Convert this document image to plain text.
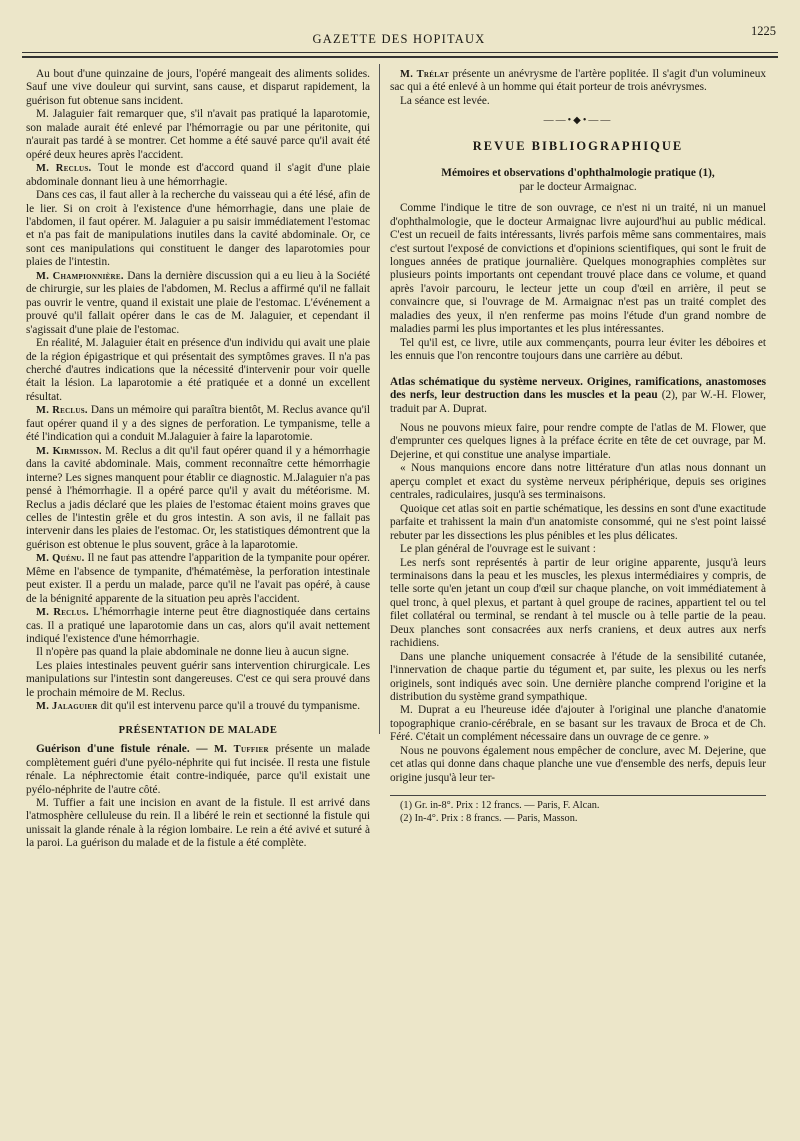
GAZETTE DES HOPITAUX
1225

Au bout d'une quinzaine de jours, l'opéré mangeait des aliments solides. Sauf une vive douleur qui survint, sans cause, et disparut rapidement, la guérison fut obtenue sans incident.

M. Jalaguier fait remarquer que, s'il n'avait pas pratiqué la laparotomie, son malade aurait été enlevé par l'hémorragie ou par une péritonite, qui n'aurait pas tardé à se montrer. Cet homme a été sauvé parce qu'il avait été opéré deux heures après l'accident.

M. Reclus. Tout le monde est d'accord quand il s'agit d'une plaie abdominale donnant lieu à une hémorrhagie.

Dans ces cas, il faut aller à la recherche du vaisseau qui a été lésé, afin de le lier. Si on croit à l'existence d'une hémorrhagie, dans une plaie de l'abdomen, il faut opérer. M. Jalaguier a pu saisir immédiatement l'estomac et n'a pas fait de manipulations inutiles dans la cavité abdominale. Or, ce sont ces manipulations qui constituent le danger des laparotomies pour plaies de l'intestin.

M. Championnière. Dans la dernière discussion qui a eu lieu à la Société de chirurgie, sur les plaies de l'abdomen, M. Reclus a affirmé qu'il ne fallait pas ouvrir le ventre, quand il existait une plaie de l'estomac. L'événement a prouvé qu'il fallait opérer dans le cas de M. Jalaguier, et cependant il s'agissait d'une plaie de l'estomac.

En réalité, M. Jalaguier était en présence d'un individu qui avait une plaie de la région épigastrique et qui présentait des symptômes graves. Il n'a pas cherché d'autres indications que la nécessité d'intervenir pour voir quelle était la lésion. La laparotomie a été pratiquée et a donné un excellent résultat.

M. Reclus. Dans un mémoire qui paraîtra bientôt, M. Reclus avance qu'il faut opérer quand il y a des signes de perforation. Le tympanisme, telle a été l'indication qui a conduit M.Jalaguier à faire la laparotomie.

M. Kirmisson. M. Reclus a dit qu'il faut opérer quand il y a hémorrhagie dans la cavité abdominale. Mais, comment reconnaître cette hémorrhagie interne? Les signes manquent pour établir ce diagnostic. M.Jalaguier n'a pas pensé à l'hémorrhagie. Il a opéré parce qu'il y avait du météorisme. M. Reclus a jadis déclaré que les plaies de l'estomac étaient moins graves que celles de l'intestin grêle et du gros intestin. A son avis, il ne fallait pas intervenir dans les plaies de l'estomac. Or, les statistiques démontrent que la guérison est obtenue le plus souvent, grâce à la laparotomie.

M. Quénu. Il ne faut pas attendre l'apparition de la tympanite pour opérer. Même en l'absence de tympanite, d'hématémèse, la perforation intestinale peut exister. Il a perdu un malade, parce qu'il ne l'avait pas opéré, à cause de la bénignité apparente de la situation peu après l'accident.

M. Reclus. L'hémorrhagie interne peut être diagnostiquée dans certains cas. Il a pratiqué une laparotomie dans un cas, alors qu'il avait nettement indiqué l'existence d'une hémorrhagie.

Il n'opère pas quand la plaie abdominale ne donne lieu à aucun signe.

Les plaies intestinales peuvent guérir sans intervention chirurgicale. Les manipulations sur l'intestin sont dangereuses. C'est ce qui sera prouvé dans le prochain mémoire de M. Reclus.

M. Jalaguier dit qu'il est intervenu parce qu'il a trouvé du tympanisme.

PRÉSENTATION DE MALADE

Guérison d'une fistule rénale. — M. Tuffier présente un malade complètement guéri d'une pyélo-néphrite qui fut incisée. Il resta une fistule rénale. La néphrectomie était contre-indiquée, parce qu'il existait une pyélo-néphrite de l'autre côté.

M. Tuffier a fait une incision en avant de la fistule. Il est arrivé dans l'atmosphère celluleuse du rein. Il a libéré le rein et sectionné la fistule qui unissait la glande rénale à la région lombaire. Le rein a été avivé et suturé à la paroi. La guérison du malade et de la fistule a été complète.

M. Trélat présente un anévrysme de l'artère poplitée. Il s'agit d'un volumineux sac qui a été enlevé à un homme qui était porteur de trois anévrysmes.

La séance est levée.

——•◆•——
REVUE BIBLIOGRAPHIQUE
Mémoires et observations d'ophthalmologie pratique (1),
par le docteur Armaignac.

Comme l'indique le titre de son ouvrage, ce n'est ni un traité, ni un manuel d'ophthalmologie, que le docteur Armaignac livre aujourd'hui au public médical. C'est un recueil de faits intéressants, livrés parfois même sans commentaires, mais c'est surtout l'exposé de convictions et d'opinions scientifiques, qui sont le fruit de longues années de pratique journalière. Quelques monographies complètes sur plusieurs points importants ont cependant trouvé place dans ce volume, et quand après l'avoir parcouru, le lecteur jette un coup d'œil en arrière, il peut se convaincre que, si l'ouvrage de M. Armaignac n'est pas un traité complet des maladies des yeux, il n'en renferme pas moins l'étude d'un grand nombre de maladies parmi les plus importantes et les plus intéressantes.

Tel qu'il est, ce livre, utile aux commençants, pourra leur éviter les déboires et les ennuis que l'on rencontre toujours dans une carrière au début.

Atlas schématique du système nerveux. Origines, ramifications, anastomoses des nerfs, leur destruction dans les muscles et la peau (2), par W.-H. Flower, traduit par A. Duprat.

Nous ne pouvons mieux faire, pour rendre compte de l'atlas de M. Flower, que d'emprunter ces quelques lignes à la préface écrite en tête de cet ouvrage, par M. Dejerine, et qui constitue une analyse impartiale.

« Nous manquions encore dans notre littérature d'un atlas nous donnant un aperçu complet et exact du système nerveux périphérique, depuis ses origines centrales, radiculaires, jusqu'à ses terminaisons.

Quoique cet atlas soit en partie schématique, les dessins en sont d'une exactitude parfaite et trahissent la main d'un anatomiste consommé, qui ne s'est point laissé rebuter par les dissections les plus pénibles et les plus délicates.

Le plan général de l'ouvrage est le suivant :

Les nerfs sont représentés à partir de leur origine apparente, jusqu'à leurs terminaisons dans la peau et les muscles, les plexus intermédiaires y compris, de telle sorte qu'en jetant un coup d'œil sur chaque planche, on voit immédiatement à quel tronc, à quel plexus, et partant à quel groupe de racines, appartient tel ou tel filet collatéral ou terminal, se rendant à tel muscle ou à telle partie de la peau. Deux planches sont consacrées aux nerfs craniens, et deux autres aux nerfs rachidiens.

Dans une planche uniquement consacrée à l'étude de la sensibilité cutanée, l'innervation de chaque partie du tégument et, par suite, les plexus ou les nerfs originels, sont indiqués avec soin. Une dernière planche comprend l'origine et la distribution du système grand sympathique.

M. Duprat a eu l'heureuse idée d'ajouter à l'original une planche d'anatomie topographique cranio-cérébrale, en se basant sur les travaux de Broca et de Ch. Féré. C'était un complément nécessaire dans un ouvrage de ce genre. »

Nous ne pouvons également nous empêcher de conclure, avec M. Dejerine, que cet atlas qui donne dans chaque planche une vue d'ensemble des nerfs, depuis leur origine jusqu'à leur ter-

(1) Gr. in-8°. Prix : 12 francs. — Paris, F. Alcan.
(2) In-4°. Prix : 8 francs. — Paris, Masson.
